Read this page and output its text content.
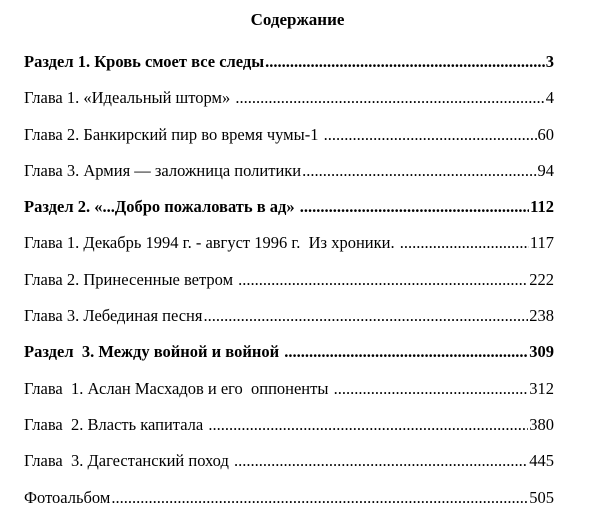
Содержание
Раздел 1. Кровь смоет все следы .....	3
Глава 1. «Идеальный шторм» .....	4
Глава 2. Банкирский пир во время чумы-1 .....	60
Глава 3. Армия — заложница политики .....	94
Раздел 2. «...Добро пожаловать в ад» .....	112
Глава 1. Декабрь 1994 г. - август 1996 г.  Из хроники. .....	117
Глава 2. Принесенные ветром .....	222
Глава 3. Лебединая песня .....	238
Раздел  3. Между войной и войной .....	309
Глава  1. Аслан Масхадов и его  оппоненты .....	312
Глава  2. Власть капитала .....	380
Глава  3. Дагестанский поход .....	445
Фотоальбом .....	505
